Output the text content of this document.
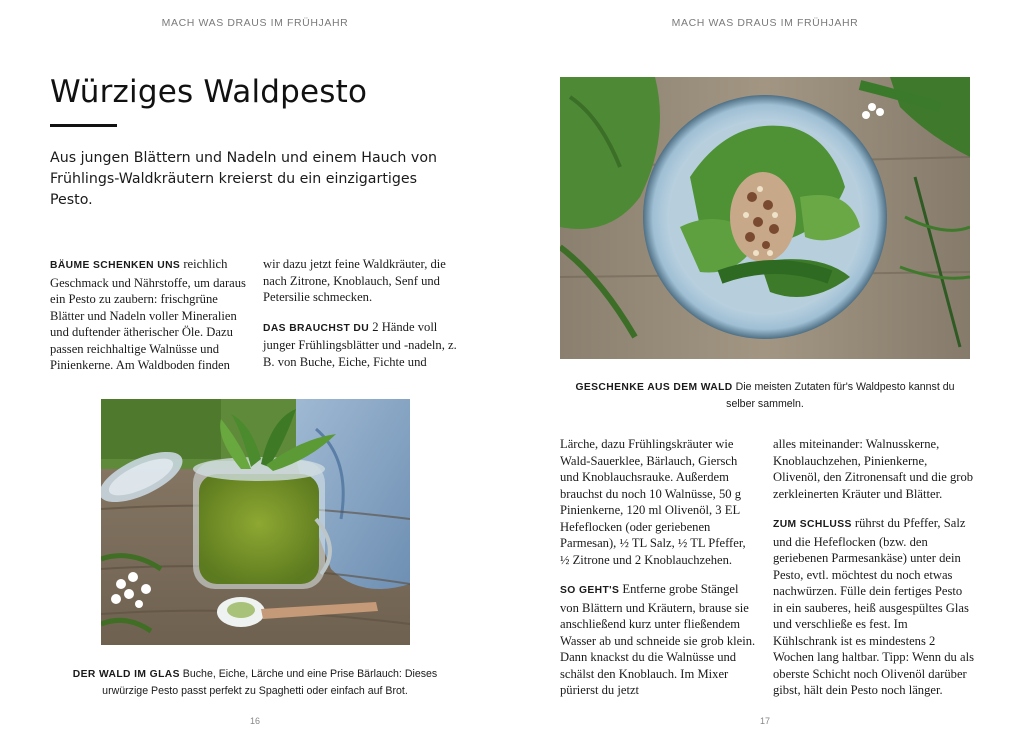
MACH WAS DRAUS IM FRÜHJAHR
Würziges Waldpesto

Aus jungen Blättern und Nadeln und einem Hauch von Frühlings-Waldkräutern kreierst du ein einzigartiges Pesto.

BÄUME SCHENKEN UNS reichlich Geschmack und Nährstoffe, um daraus ein Pesto zu zaubern: frischgrüne Blätter und Nadeln voller Mineralien und duftender ätherischer Öle. Dazu passen reichhaltige Walnüsse und Pinienkerne. Am Waldboden finden

wir dazu jetzt feine Waldkräuter, die nach Zitrone, Knoblauch, Senf und Petersilie schmecken.

DAS BRAUCHST DU 2 Hände voll junger Frühlingsblätter und -nadeln, z. B. von Buche, Eiche, Fichte und

DER WALD IM GLAS Buche, Eiche, Lärche und eine Prise Bärlauch: Dieses urwürzige Pesto passt perfekt zu Spaghetti oder einfach auf Brot.
16
MACH WAS DRAUS IM FRÜHJAHR
GESCHENKE AUS DEM WALD Die meisten Zutaten für's Waldpesto kannst du selber sammeln.

Lärche, dazu Frühlingskräuter wie Wald-Sauerklee, Bärlauch, Giersch und Knoblauchsrauke. Außerdem brauchst du noch 10 Walnüsse, 50 g Pinienkerne, 120 ml Olivenöl, 3 EL Hefeflocken (oder geriebenen Parmesan), ½ TL Salz, ½ TL Pfeffer, ½ Zitrone und 2 Knoblauchzehen.

SO GEHT'S Entferne grobe Stängel von Blättern und Kräutern, brause sie anschließend kurz unter fließendem Wasser ab und schneide sie grob klein. Dann knackst du die Walnüsse und schälst den Knoblauch. Im Mixer pürierst du jetzt

alles miteinander: Walnusskerne, Knoblauchzehen, Pinienkerne, Olivenöl, den Zitronensaft und die grob zerkleinerten Kräuter und Blätter.

ZUM SCHLUSS rührst du Pfeffer, Salz und die Hefeflocken (bzw. den geriebenen Parmesankäse) unter dein Pesto, evtl. möchtest du noch etwas nachwürzen. Fülle dein fertiges Pesto in ein sauberes, heiß ausgespültes Glas und verschließe es fest. Im Kühlschrank ist es mindestens 2 Wochen lang haltbar. Tipp: Wenn du als oberste Schicht noch Olivenöl darüber gibst, hält dein Pesto noch länger.

17
